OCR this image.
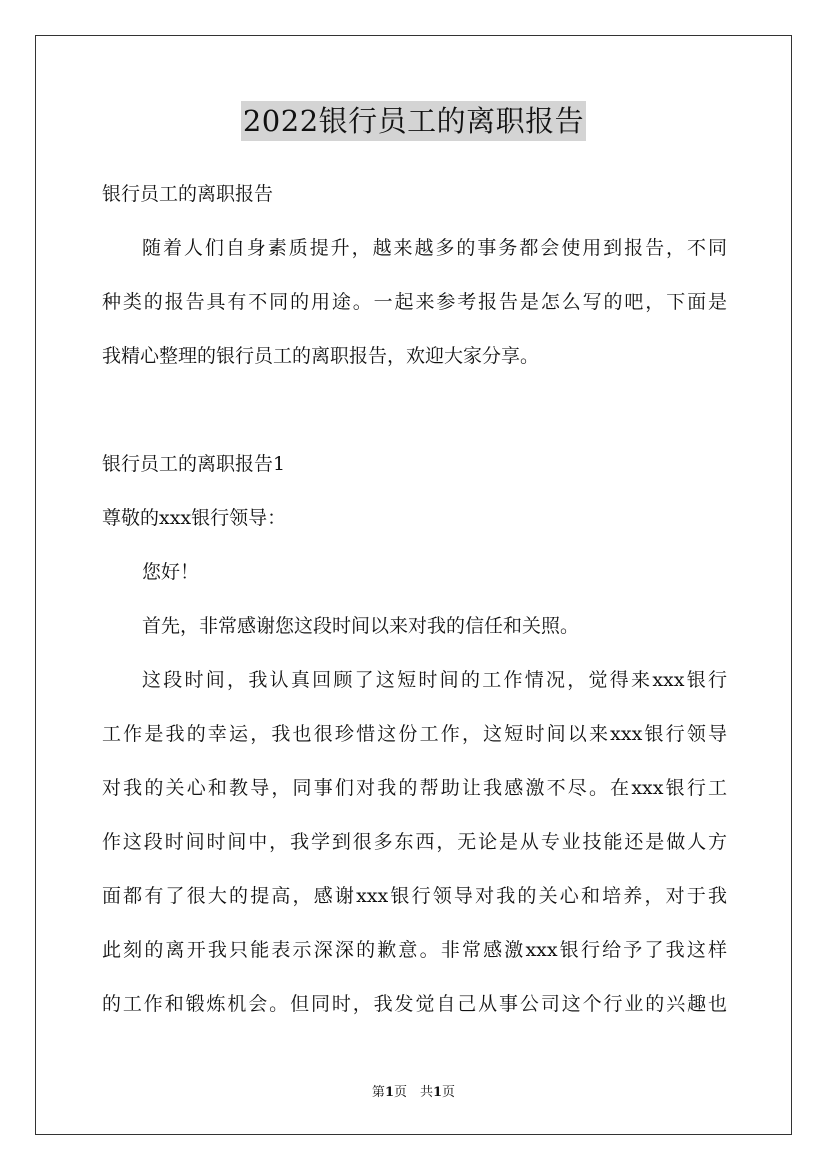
2022银行员工的离职报告
银行员工的离职报告
随着人们自身素质提升，越来越多的事务都会使用到报告，不同
种类的报告具有不同的用途。一起来参考报告是怎么写的吧，下面是
我精心整理的银行员工的离职报告，欢迎大家分享。
银行员工的离职报告1
尊敬的xxx银行领导：
您好！
首先，非常感谢您这段时间以来对我的信任和关照。
这段时间，我认真回顾了这短时间的工作情况，觉得来xxx银行
工作是我的幸运，我也很珍惜这份工作，这短时间以来xxx银行领导
对我的关心和教导，同事们对我的帮助让我感激不尽。在xxx银行工
作这段时间时间中，我学到很多东西，无论是从专业技能还是做人方
面都有了很大的提高，感谢xxx银行领导对我的关心和培养，对于我
此刻的离开我只能表示深深的歉意。非常感激xxx银行给予了我这样
的工作和锻炼机会。但同时，我发觉自己从事公司这个行业的兴趣也
第1页　共1页
